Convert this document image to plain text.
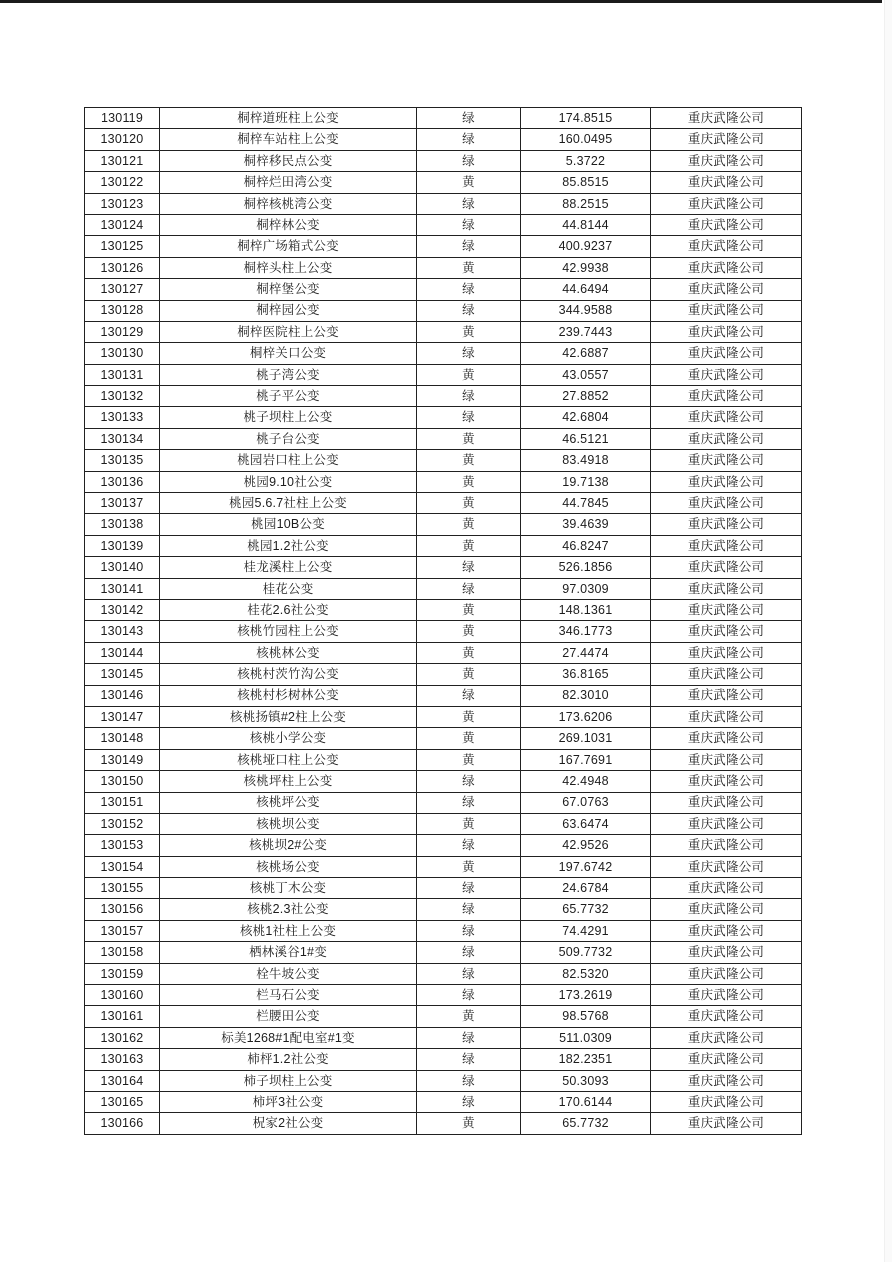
130119	桐梓道班柱上公变	绿	174.8515	重庆武隆公司
130120	桐梓车站柱上公变	绿	160.0495	重庆武隆公司
130121	桐梓移民点公变	绿	5.3722	重庆武隆公司
130122	桐梓烂田湾公变	黄	85.8515	重庆武隆公司
130123	桐梓核桃湾公变	绿	88.2515	重庆武隆公司
130124	桐梓林公变	绿	44.8144	重庆武隆公司
130125	桐梓广场箱式公变	绿	400.9237	重庆武隆公司
130126	桐梓头柱上公变	黄	42.9938	重庆武隆公司
130127	桐梓堡公变	绿	44.6494	重庆武隆公司
130128	桐梓园公变	绿	344.9588	重庆武隆公司
130129	桐梓医院柱上公变	黄	239.7443	重庆武隆公司
130130	桐梓关口公变	绿	42.6887	重庆武隆公司
130131	桃子湾公变	黄	43.0557	重庆武隆公司
130132	桃子平公变	绿	27.8852	重庆武隆公司
130133	桃子坝柱上公变	绿	42.6804	重庆武隆公司
130134	桃子台公变	黄	46.5121	重庆武隆公司
130135	桃园岩口柱上公变	黄	83.4918	重庆武隆公司
130136	桃园9.10社公变	黄	19.7138	重庆武隆公司
130137	桃园5.6.7社柱上公变	黄	44.7845	重庆武隆公司
130138	桃园10B公变	黄	39.4639	重庆武隆公司
130139	桃园1.2社公变	黄	46.8247	重庆武隆公司
130140	桂龙溪柱上公变	绿	526.1856	重庆武隆公司
130141	桂花公变	绿	97.0309	重庆武隆公司
130142	桂花2.6社公变	黄	148.1361	重庆武隆公司
130143	核桃竹园柱上公变	黄	346.1773	重庆武隆公司
130144	核桃林公变	黄	27.4474	重庆武隆公司
130145	核桃村茨竹沟公变	黄	36.8165	重庆武隆公司
130146	核桃村杉树林公变	绿	82.3010	重庆武隆公司
130147	核桃扬镇#2柱上公变	黄	173.6206	重庆武隆公司
130148	核桃小学公变	黄	269.1031	重庆武隆公司
130149	核桃垭口柱上公变	黄	167.7691	重庆武隆公司
130150	核桃坪柱上公变	绿	42.4948	重庆武隆公司
130151	核桃坪公变	绿	67.0763	重庆武隆公司
130152	核桃坝公变	黄	63.6474	重庆武隆公司
130153	核桃坝2#公变	绿	42.9526	重庆武隆公司
130154	核桃场公变	黄	197.6742	重庆武隆公司
130155	核桃丁木公变	绿	24.6784	重庆武隆公司
130156	核桃2.3社公变	绿	65.7732	重庆武隆公司
130157	核桃1社柱上公变	绿	74.4291	重庆武隆公司
130158	栖林溪谷1#变	绿	509.7732	重庆武隆公司
130159	栓牛坡公变	绿	82.5320	重庆武隆公司
130160	栏马石公变	绿	173.2619	重庆武隆公司
130161	栏腰田公变	黄	98.5768	重庆武隆公司
130162	标美1268#1配电室#1变	绿	511.0309	重庆武隆公司
130163	柿枰1.2社公变	绿	182.2351	重庆武隆公司
130164	柿子坝柱上公变	绿	50.3093	重庆武隆公司
130165	柿坪3社公变	绿	170.6144	重庆武隆公司
130166	柷家2社公变	黄	65.7732	重庆武隆公司
